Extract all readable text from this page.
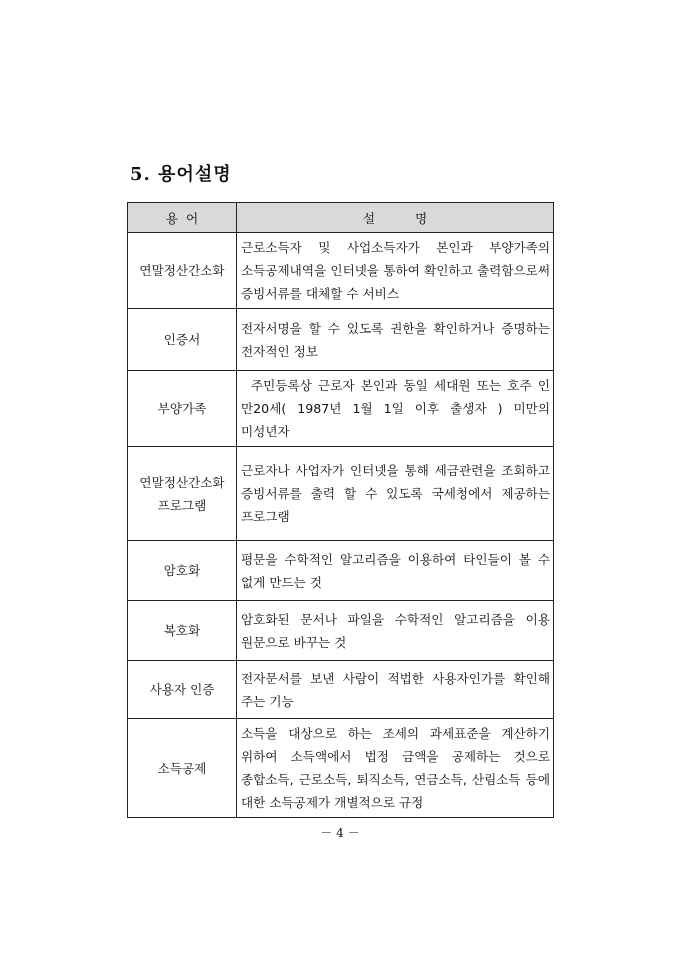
5. 용어설명
용  어	설          명
연말정산간소화	근로소득자 및 사업소득자가 본인과 부양가족의 소득공제내역을 인터넷을 통하여 확인하고 출력함으로써 증빙서류를 대체할 수 서비스
인증서	전자서명을 할 수 있도록 권한을 확인하거나 증명하는 전자적인 정보
부양가족	주민등록상 근로자 본인과 동일 세대원 또는 호주 인 만20세( 1987년 1월 1일 이후 출생자 ) 미만의 미성년자
연말정산간소화 프로그램	근로자나 사업자가 인터넷을 통해 세금관련을 조회하고 증빙서류를 출력 할 수 있도록 국세청에서 제공하는 프로그램
암호화	평문을 수학적인 알고리즘을 이용하여 타인들이 볼 수 없게 만드는 것
복호화	암호화된 문서나 파일을 수학적인 알고리즘을 이용 원문으로 바꾸는 것
사용자 인증	전자문서를 보낸 사람이 적법한 사용자인가를 확인해 주는 기능
소득공제	소득을 대상으로 하는 조세의 과세표준을 계산하기 위하여 소득액에서 법정 금액을 공제하는 것으로 종합소득, 근로소득, 퇴직소득, 연금소득, 산림소득 등에 대한 소득공제가 개별적으로 규정
－ 4 －
